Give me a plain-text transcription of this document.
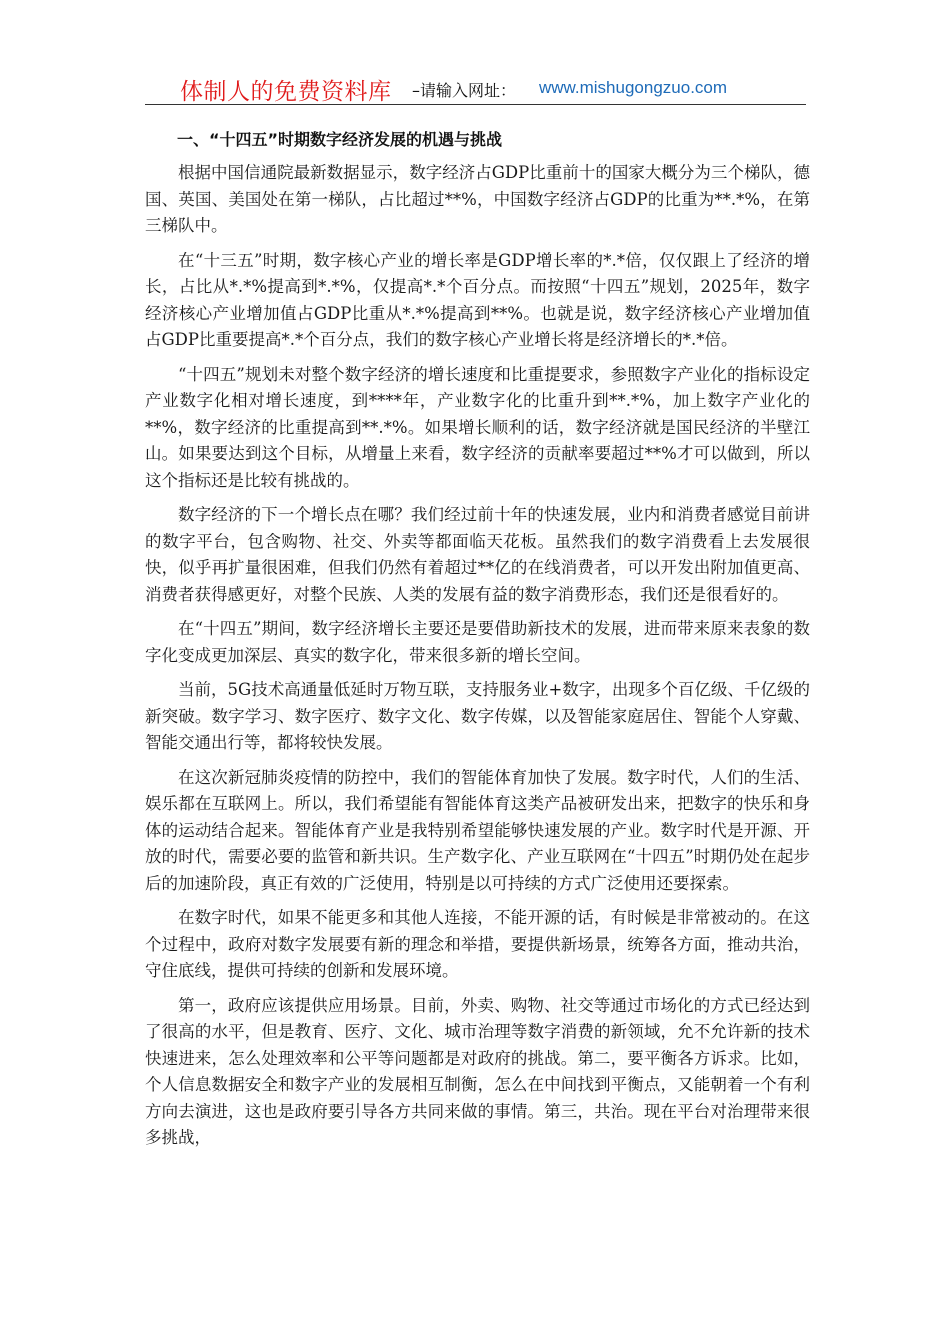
体制人的免费资料库 –请输入网址： www.mishugongzuo.com
一、“十四五”时期数字经济发展的机遇与挑战

根据中国信通院最新数据显示，数字经济占GDP比重前十的国家大概分为三个梯队，德国、英国、美国处在第一梯队，占比超过**%，中国数字经济占GDP的比重为**.*%，在第三梯队中。

在“十三五”时期，数字核心产业的增长率是GDP增长率的*.*倍，仅仅跟上了经济的增长，占比从*.*%提高到*.*%，仅提高*.*个百分点。而按照“十四五”规划，2025年，数字经济核心产业增加值占GDP比重从*.*%提高到**%。也就是说，数字经济核心产业增加值占GDP比重要提高*.*个百分点，我们的数字核心产业增长将是经济增长的*.*倍。

“十四五”规划未对整个数字经济的增长速度和比重提要求，参照数字产业化的指标设定产业数字化相对增长速度，到****年，产业数字化的比重升到**.*%，加上数字产业化的**%，数字经济的比重提高到**.*%。如果增长顺利的话，数字经济就是国民经济的半壁江山。如果要达到这个目标，从增量上来看，数字经济的贡献率要超过**%才可以做到，所以这个指标还是比较有挑战的。

数字经济的下一个增长点在哪？我们经过前十年的快速发展，业内和消费者感觉目前讲的数字平台，包含购物、社交、外卖等都面临天花板。虽然我们的数字消费看上去发展很快，似乎再扩量很困难，但我们仍然有着超过**亿的在线消费者，可以开发出附加值更高、消费者获得感更好，对整个民族、人类的发展有益的数字消费形态，我们还是很看好的。

在“十四五”期间，数字经济增长主要还是要借助新技术的发展，进而带来原来表象的数字化变成更加深层、真实的数字化，带来很多新的增长空间。

当前，5G技术高通量低延时万物互联，支持服务业+数字，出现多个百亿级、千亿级的新突破。数字学习、数字医疗、数字文化、数字传媒，以及智能家庭居住、智能个人穿戴、智能交通出行等，都将较快发展。

在这次新冠肺炎疫情的防控中，我们的智能体育加快了发展。数字时代，人们的生活、娱乐都在互联网上。所以，我们希望能有智能体育这类产品被研发出来，把数字的快乐和身体的运动结合起来。智能体育产业是我特别希望能够快速发展的产业。数字时代是开源、开放的时代，需要必要的监管和新共识。生产数字化、产业互联网在“十四五”时期仍处在起步后的加速阶段，真正有效的广泛使用，特别是以可持续的方式广泛使用还要探索。

在数字时代，如果不能更多和其他人连接，不能开源的话，有时候是非常被动的。在这个过程中，政府对数字发展要有新的理念和举措，要提供新场景，统筹各方面，推动共治，守住底线，提供可持续的创新和发展环境。

第一，政府应该提供应用场景。目前，外卖、购物、社交等通过市场化的方式已经达到了很高的水平，但是教育、医疗、文化、城市治理等数字消费的新领域，允不允许新的技术快速进来，怎么处理效率和公平等问题都是对政府的挑战。第二，要平衡各方诉求。比如，个人信息数据安全和数字产业的发展相互制衡，怎么在中间找到平衡点，又能朝着一个有利方向去演进，这也是政府要引导各方共同来做的事情。第三，共治。现在平台对治理带来很多挑战，
